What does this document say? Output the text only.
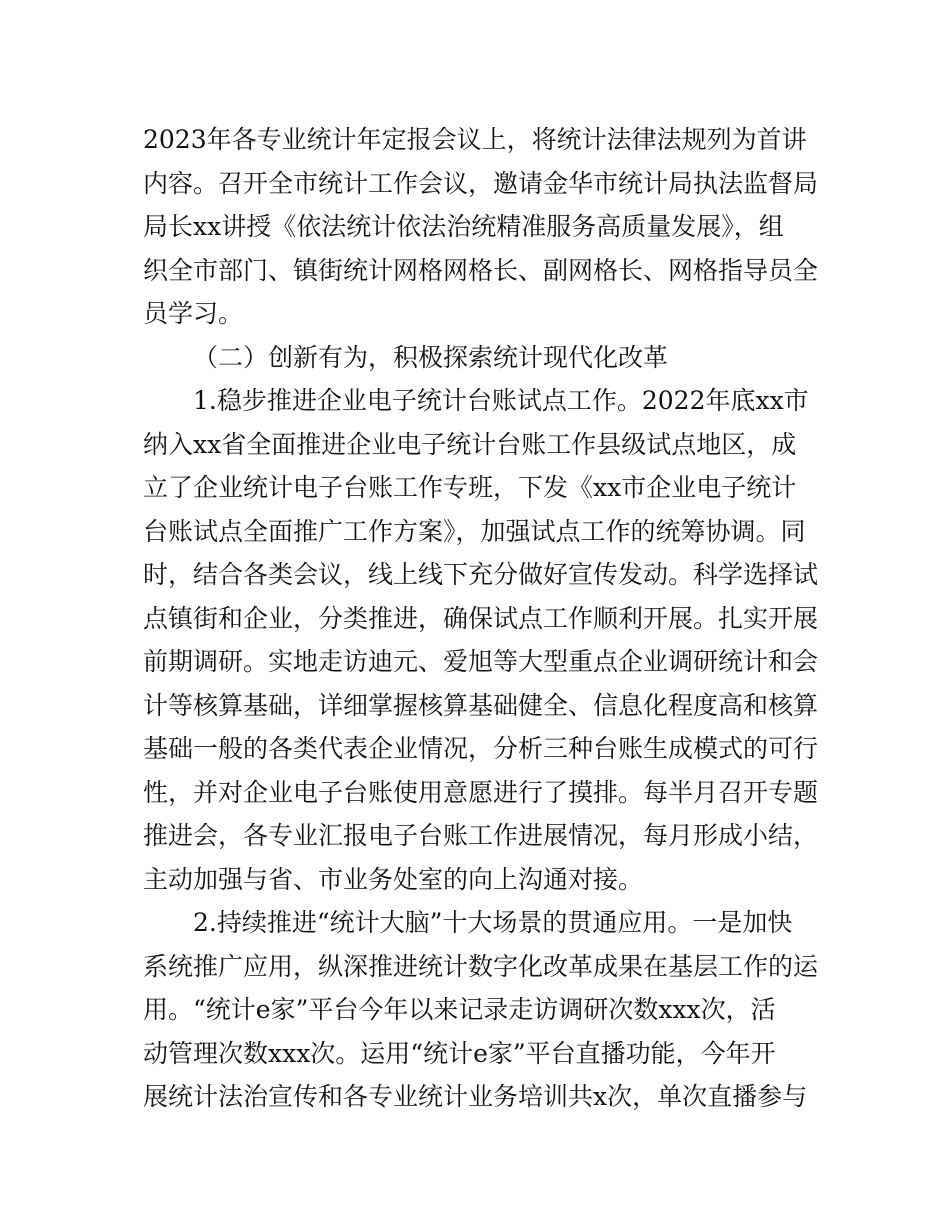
2023年各专业统计年定报会议上，将统计法律法规列为首讲
内容。召开全市统计工作会议，邀请金华市统计局执法监督局
局长xx讲授《依法统计依法治统精准服务高质量发展》，组
织全市部门、镇街统计网格网格长、副网格长、网格指导员全
员学习。
（二）创新有为，积极探索统计现代化改革
1.稳步推进企业电子统计台账试点工作。2022年底xx市
纳入xx省全面推进企业电子统计台账工作县级试点地区，成
立了企业统计电子台账工作专班，下发《xx市企业电子统计
台账试点全面推广工作方案》，加强试点工作的统筹协调。同
时，结合各类会议，线上线下充分做好宣传发动。科学选择试
点镇街和企业，分类推进，确保试点工作顺利开展。扎实开展
前期调研。实地走访迪元、爱旭等大型重点企业调研统计和会
计等核算基础，详细掌握核算基础健全、信息化程度高和核算
基础一般的各类代表企业情况，分析三种台账生成模式的可行
性，并对企业电子台账使用意愿进行了摸排。每半月召开专题
推进会，各专业汇报电子台账工作进展情况，每月形成小结，
主动加强与省、市业务处室的向上沟通对接。
2.持续推进“统计大脑”十大场景的贯通应用。一是加快
系统推广应用，纵深推进统计数字化改革成果在基层工作的运
用。“统计e家”平台今年以来记录走访调研次数xxx次，活
动管理次数xxx次。运用“统计e家”平台直播功能，今年开
展统计法治宣传和各专业统计业务培训共x次，单次直播参与
